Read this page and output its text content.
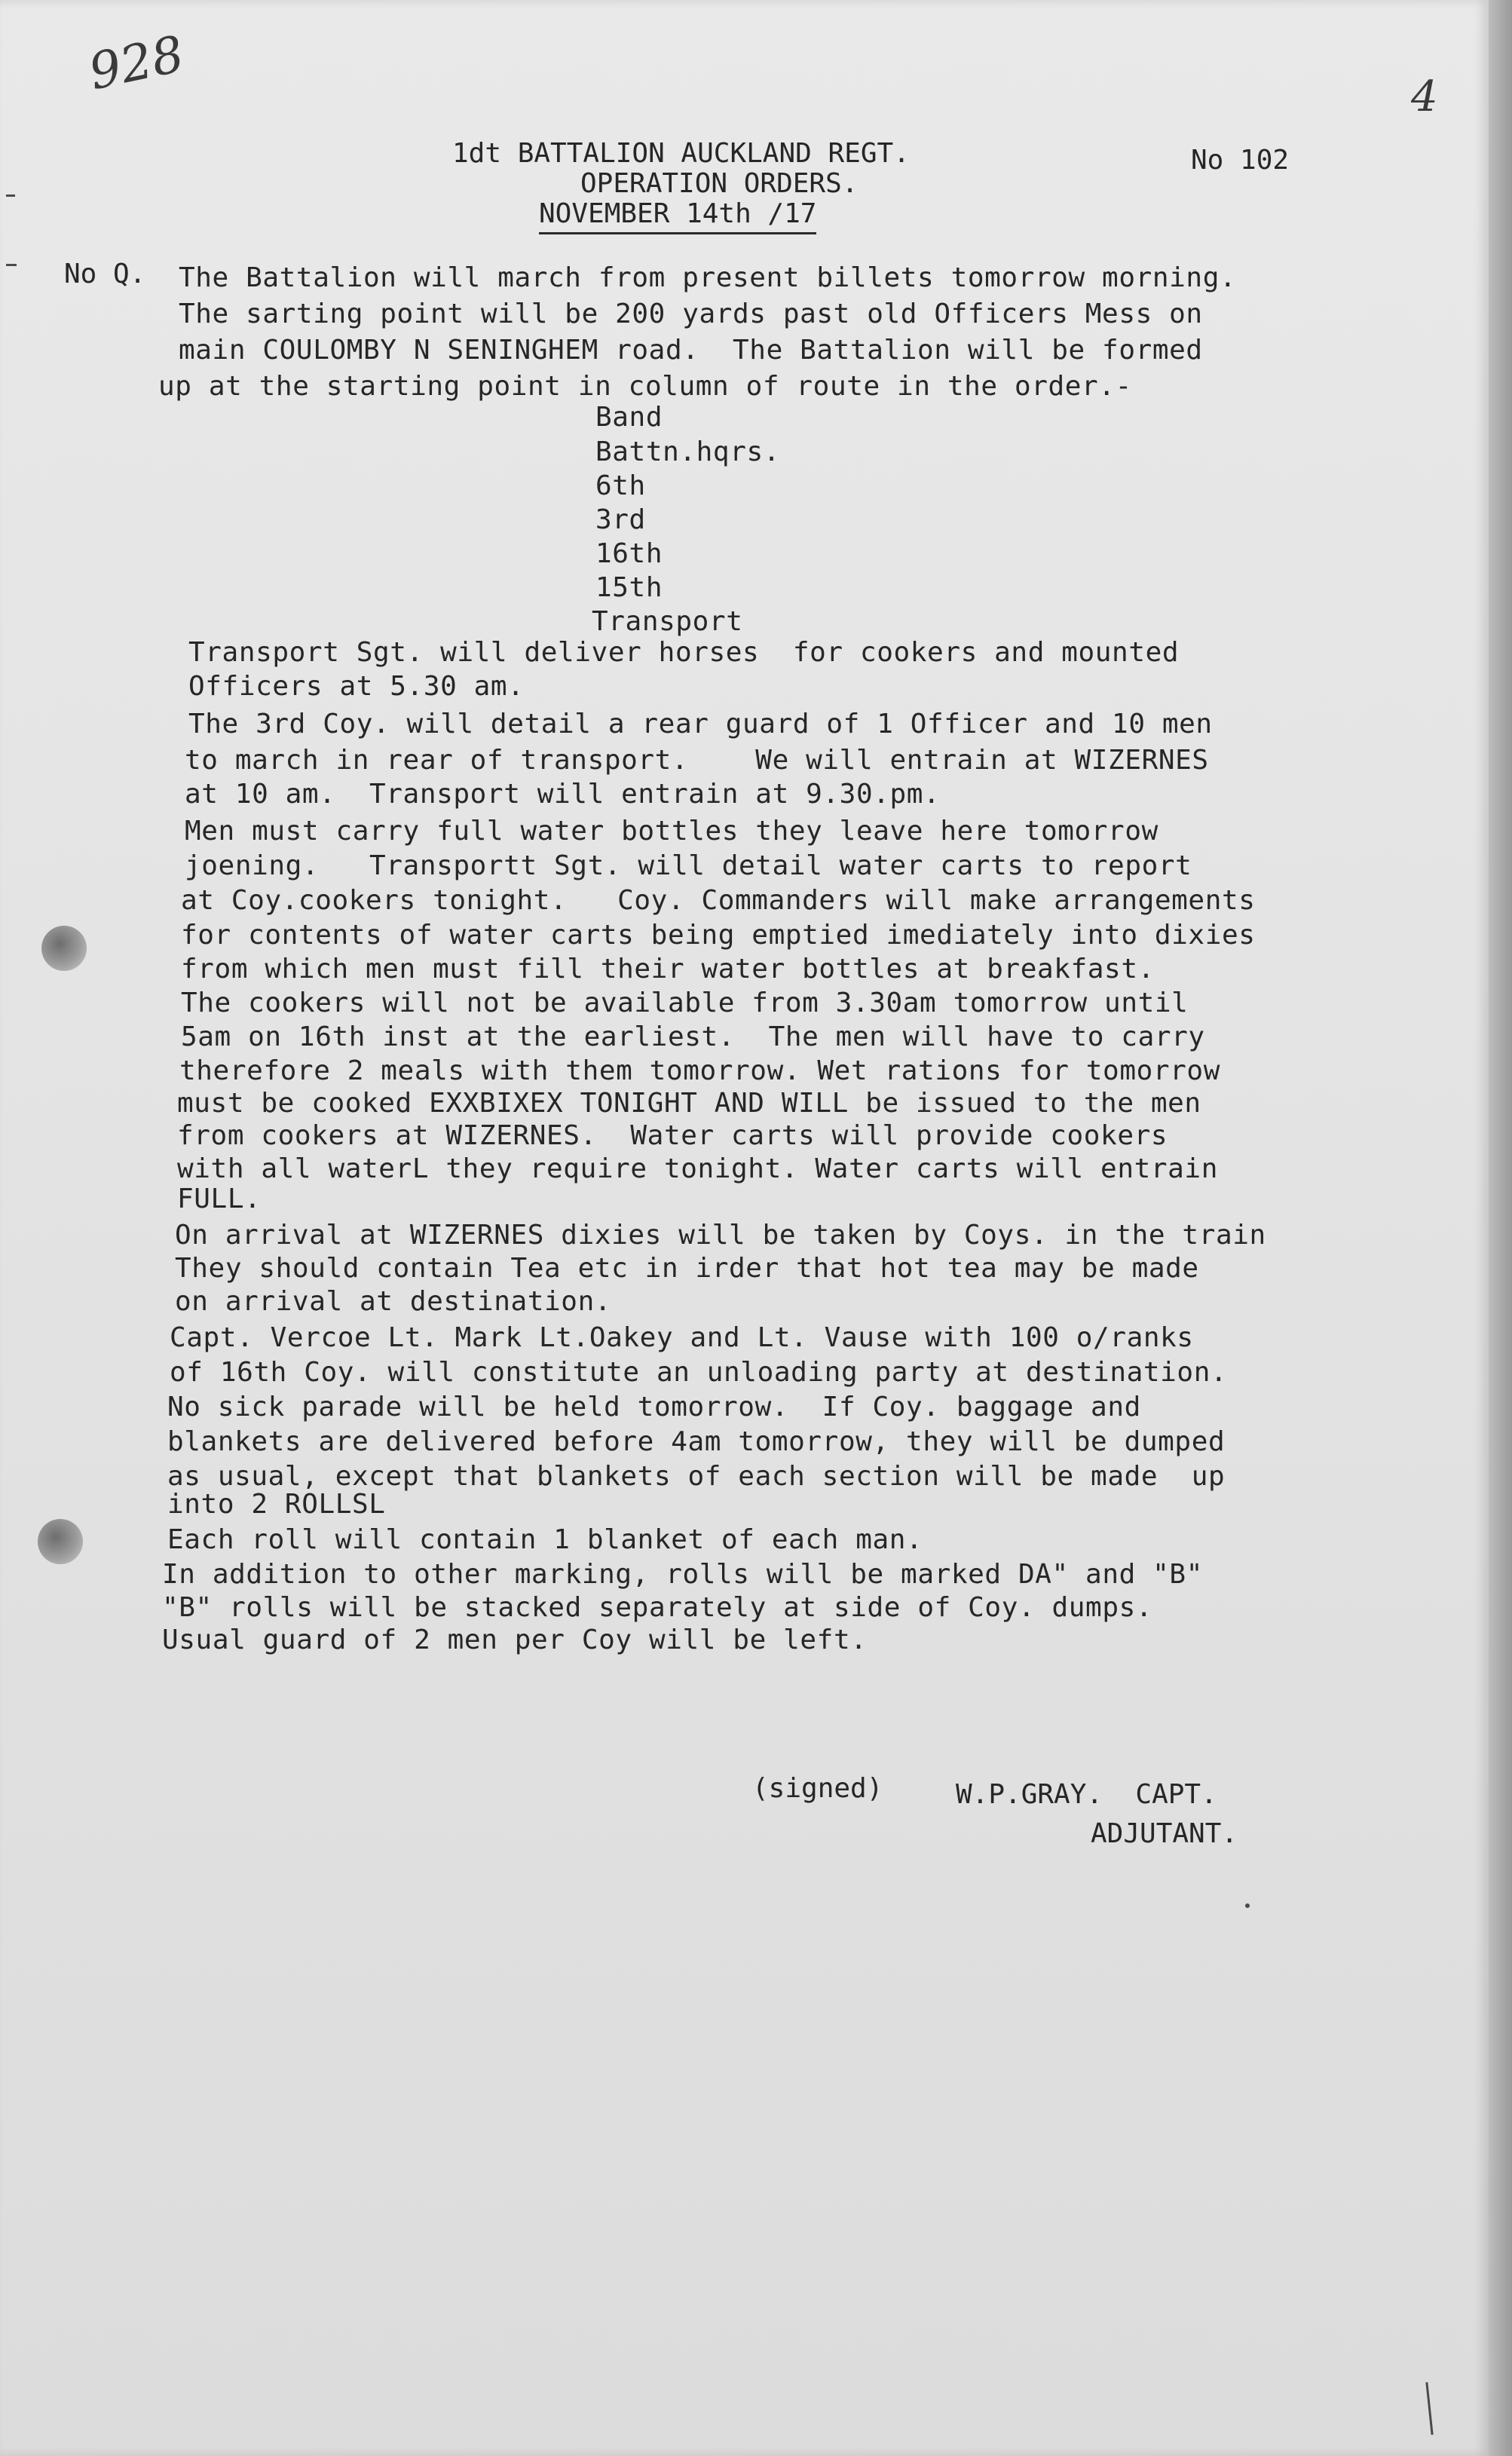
928	4
1dt BATTALION AUCKLAND REGT.
OPERATION ORDERS.
NOVEMBER 14th /17
No 102
No Q. The Battalion will march from present billets tomorrow morning.
The sarting point will be 200 yards past old Officers Mess on
main COULOMBY N SENINGHEM road.  The Battalion will be formed
up at the starting point in column of route in the order.-
Band
Battn.hqrs.
6th
3rd
16th
15th
Transport
Transport Sgt. will deliver horses  for cookers and mounted
Officers at 5.30 am.
The 3rd Coy. will detail a rear guard of 1 Officer and 10 men
to march in rear of transport.    We will entrain at WIZERNES
at 10 am.  Transport will entrain at 9.30.pm.
Men must carry full water bottles they leave here tomorrow
joening.   Transportt Sgt. will detail water carts to report
at Coy.cookers tonight.   Coy. Commanders will make arrangements
for contents of water carts being emptied imediately into dixies
from which men must fill their water bottles at breakfast.
The cookers will not be available from 3.30am tomorrow until
5am on 16th inst at the earliest.  The men will have to carry
therefore 2 meals with them tomorrow. Wet rations for tomorrow
must be cooked EXXBIXEX TONIGHT AND WILL be issued to the men
from cookers at WIZERNES.  Water carts will provide cookers
with all waterL they require tonight. Water carts will entrain
FULL.
On arrival at WIZERNES dixies will be taken by Coys. in the train
They should contain Tea etc in irder that hot tea may be made
on arrival at destination.
Capt. Vercoe Lt. Mark Lt.Oakey and Lt. Vause with 100 o/ranks
of 16th Coy. will constitute an unloading party at destination.
No sick parade will be held tomorrow.  If Coy. baggage and
blankets are delivered before 4am tomorrow, they will be dumped
as usual, except that blankets of each section will be made  up
into 2 ROLLSL
Each roll will contain 1 blanket of each man.
In addition to other marking, rolls will be marked DA" and "B"
"B" rolls will be stacked separately at side of Coy. dumps.
Usual guard of 2 men per Coy will be left.
(signed)	W.P.GRAY.  CAPT.
ADJUTANT.
